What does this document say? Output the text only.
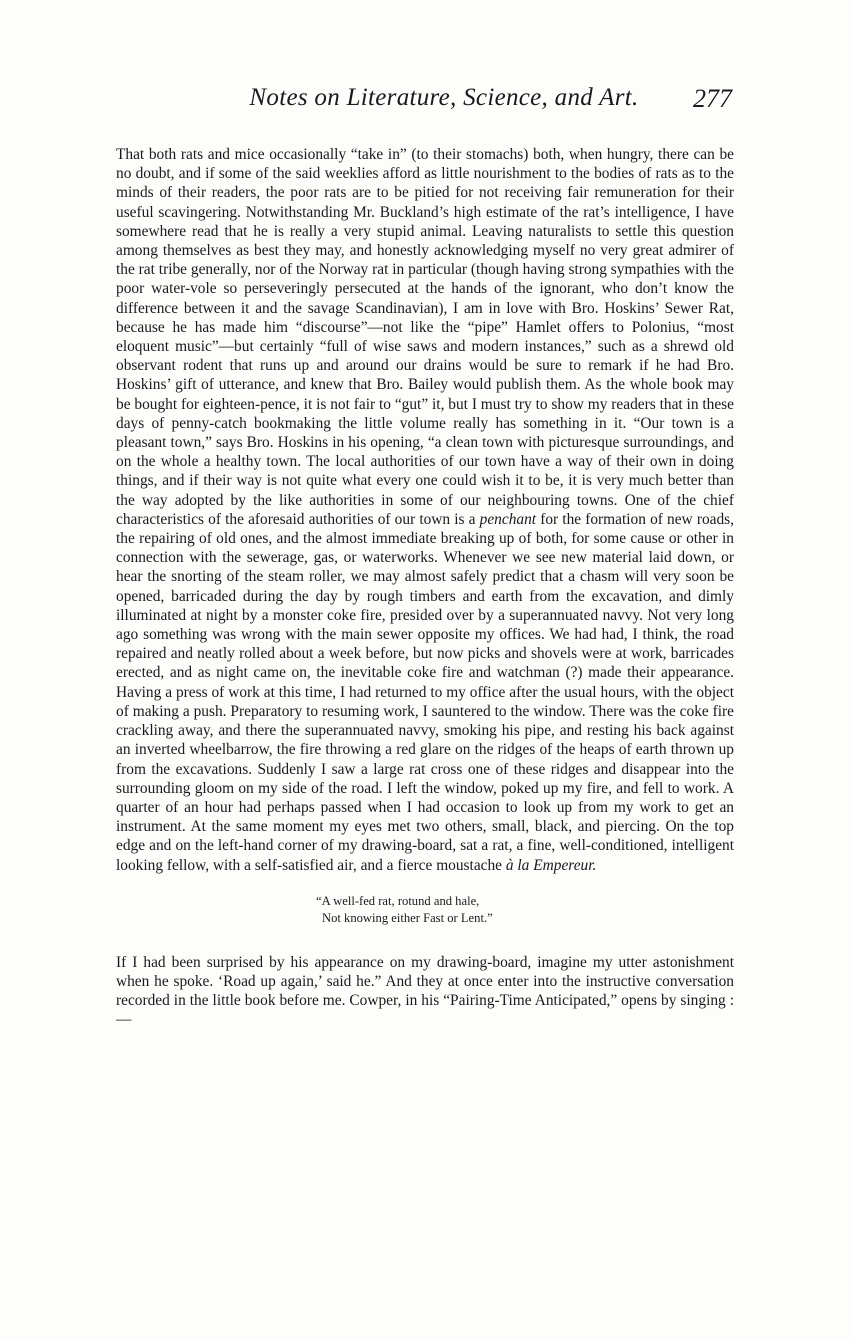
Notes on Literature, Science, and Art.	277

That both rats and mice occasionally “take in” (to their stomachs) both, when hungry, there can be no doubt, and if some of the said weeklies afford as little nourishment to the bodies of rats as to the minds of their readers, the poor rats are to be pitied for not receiving fair remuneration for their useful scavingering. Notwithstanding Mr. Buckland’s high estimate of the rat’s intelligence, I have somewhere read that he is really a very stupid animal. Leaving naturalists to settle this question among themselves as best they may, and honestly acknowledging myself no very great admirer of the rat tribe generally, nor of the Norway rat in particular (though having strong sympathies with the poor water-vole so perseveringly persecuted at the hands of the ignorant, who don’t know the difference between it and the savage Scandinavian), I am in love with Bro. Hoskins’ Sewer Rat, because he has made him “discourse”—not like the “pipe” Hamlet offers to Polonius, “most eloquent music”—but certainly “full of wise saws and modern instances,” such as a shrewd old observant rodent that runs up and around our drains would be sure to remark if he had Bro. Hoskins’ gift of utterance, and knew that Bro. Bailey would publish them. As the whole book may be bought for eighteen-pence, it is not fair to “gut” it, but I must try to show my readers that in these days of penny-catch bookmaking the little volume really has something in it. “Our town is a pleasant town,” says Bro. Hoskins in his opening, “a clean town with picturesque surroundings, and on the whole a healthy town. The local authorities of our town have a way of their own in doing things, and if their way is not quite what every one could wish it to be, it is very much better than the way adopted by the like authorities in some of our neighbouring towns. One of the chief characteristics of the aforesaid authorities of our town is a penchant for the formation of new roads, the repairing of old ones, and the almost immediate breaking up of both, for some cause or other in connection with the sewerage, gas, or waterworks. Whenever we see new material laid down, or hear the snorting of the steam roller, we may almost safely predict that a chasm will very soon be opened, barricaded during the day by rough timbers and earth from the excavation, and dimly illuminated at night by a monster coke fire, presided over by a superannuated navvy. Not very long ago something was wrong with the main sewer opposite my offices. We had had, I think, the road repaired and neatly rolled about a week before, but now picks and shovels were at work, barricades erected, and as night came on, the inevitable coke fire and watchman (?) made their appearance. Having a press of work at this time, I had returned to my office after the usual hours, with the object of making a push. Preparatory to resuming work, I sauntered to the window. There was the coke fire crackling away, and there the superannuated navvy, smoking his pipe, and resting his back against an inverted wheelbarrow, the fire throwing a red glare on the ridges of the heaps of earth thrown up from the excavations. Suddenly I saw a large rat cross one of these ridges and disappear into the surrounding gloom on my side of the road. I left the window, poked up my fire, and fell to work. A quarter of an hour had perhaps passed when I had occasion to look up from my work to get an instrument. At the same moment my eyes met two others, small, black, and piercing. On the top edge and on the left-hand corner of my drawing-board, sat a rat, a fine, well-conditioned, intelligent looking fellow, with a self-satisfied air, and a fierce moustache à la Empereur.

“A well-fed rat, rotund and hale,
Not knowing either Fast or Lent.”

If I had been surprised by his appearance on my drawing-board, imagine my utter astonishment when he spoke. ‘Road up again,’ said he.” And they at once enter into the instructive conversation recorded in the little book before me. Cowper, in his “Pairing-Time Anticipated,” opens by singing :—
